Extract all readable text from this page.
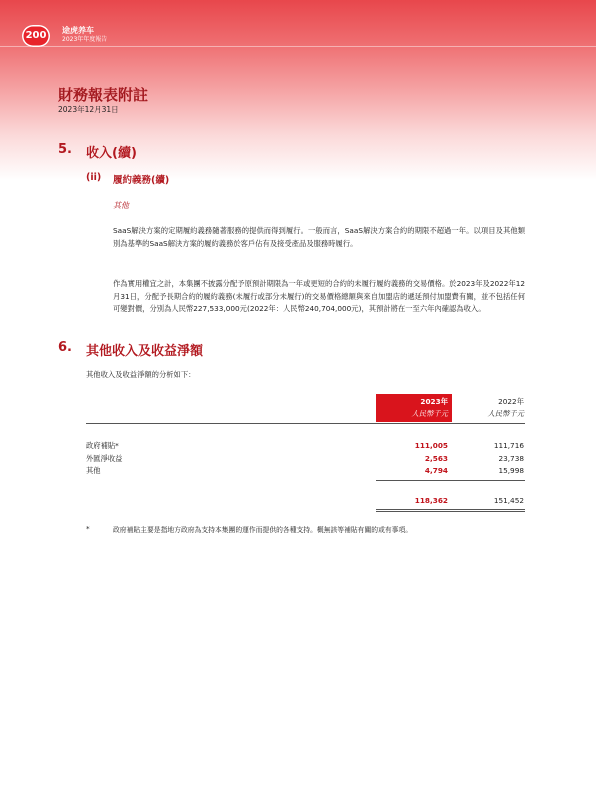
200	途虎养车
2023年年度報告
財務報表附註
2023年12月31日
5. 收入(續)
(ii) 履約義務(續)
其他
SaaS解決方案的定期履約義務隨著服務的提供而得到履行。一般而言，SaaS解決方案合約的期限不超過一年。以項目及其他類別為基準的SaaS解決方案的履約義務於客戶佔有及接受產品及服務時履行。
作為實用權宜之計，本集團不披露分配予原預計期限為一年或更短的合約的未履行履約義務的交易價格。於2023年及2022年12月31日，分配予長期合約的履約義務(未履行或部分未履行)的交易價格總額與來自加盟店的遞延預付加盟費有關，並不包括任何可變對價，分別為人民幣227,533,000元(2022年：人民幣240,704,000元)，其預計將在一至六年內確認為收入。
6. 其他收入及收益淨額
其他收入及收益淨額的分析如下：
2023年
人民幣千元
2022年
人民幣千元
政府補貼*	111,005	111,716
外匯淨收益	2,563	23,738
其他	4,794	15,998
118,362	151,452
*	政府補貼主要是指地方政府為支持本集團的運作而提供的各種支持。概無該等補貼有關的或有事項。
